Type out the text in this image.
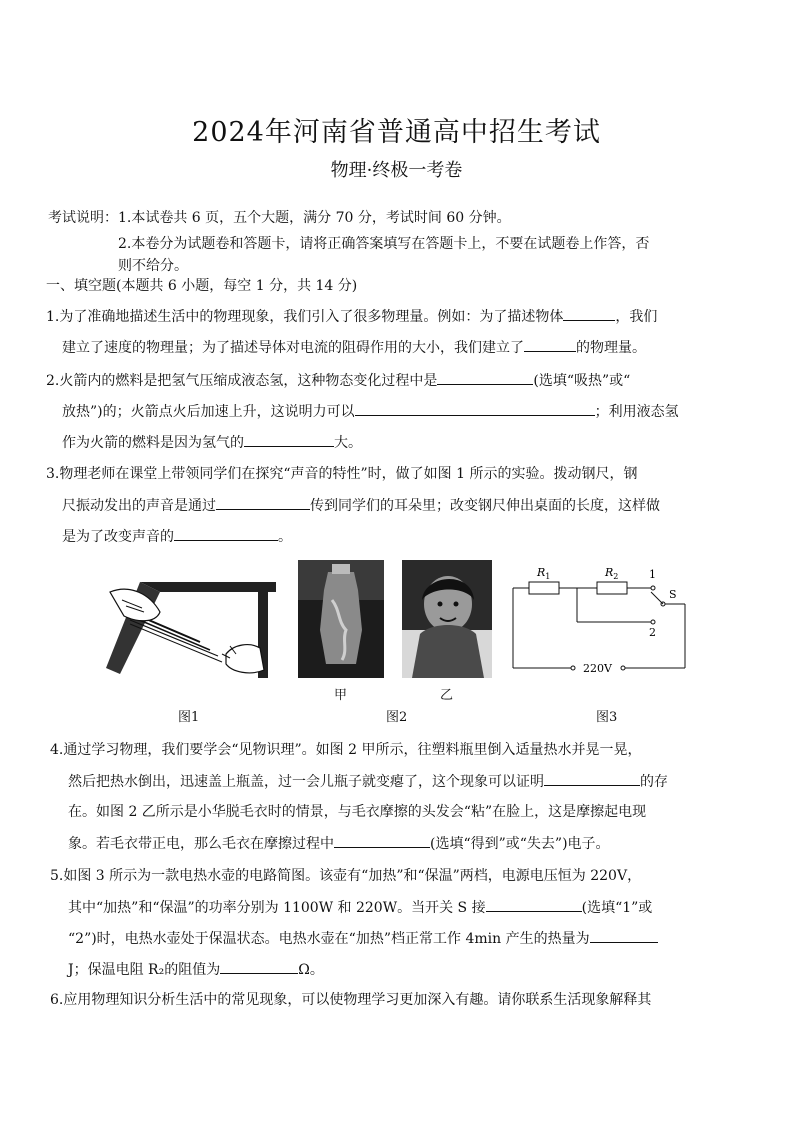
2024年河南省普通高中招生考试
物理·终极一考卷
考试说明：1.本试卷共 6 页，五个大题，满分 70 分，考试时间 60 分钟。
2.本卷分为试题卷和答题卡，请将正确答案填写在答题卡上，不要在试题卷上作答，否
则不给分。
一、填空题(本题共 6 小题，每空 1 分，共 14 分)
1.为了准确地描述生活中的物理现象，我们引入了很多物理量。例如：为了描述物体	，我们
建立了速度的物理量；为了描述导体对电流的阻碍作用的大小，我们建立了	的物理量。
2.火箭内的燃料是把氢气压缩成液态氢，这种物态变化过程中是	(选填“吸热”或“
放热”)的；火箭点火后加速上升，这说明力可以	；利用液态氢
作为火箭的燃料是因为氢气的	大。
3.物理老师在课堂上带领同学们在探究“声音的特性”时，做了如图 1 所示的实验。拨动钢尺，钢
尺振动发出的声音是通过	传到同学们的耳朵里；改变钢尺伸出桌面的长度，这样做
是为了改变声音的	。
图1
甲	乙
图2
$R_1$	$R_2$	1
S
2
220V
图3
4.通过学习物理，我们要学会“见物识理”。如图 2 甲所示，往塑料瓶里倒入适量热水并晃一晃，
然后把热水倒出，迅速盖上瓶盖，过一会儿瓶子就变瘪了，这个现象可以证明	的存
在。如图 2 乙所示是小华脱毛衣时的情景，与毛衣摩擦的头发会“粘”在脸上，这是摩擦起电现
象。若毛衣带正电，那么毛衣在摩擦过程中	(选填“得到”或“失去”)电子。
5.如图 3 所示为一款电热水壶的电路简图。该壶有“加热”和“保温”两档，电源电压恒为 220V，
其中“加热”和“保温”的功率分别为 1100W 和 220W。当开关 S 接	(选填“1”或
“2”)时，电热水壶处于保温状态。电热水壶在“加热”档正常工作 4min 产生的热量为
J；保温电阻 R₂的阻值为	Ω。
6.应用物理知识分析生活中的常见现象，可以使物理学习更加深入有趣。请你联系生活现象解释其
